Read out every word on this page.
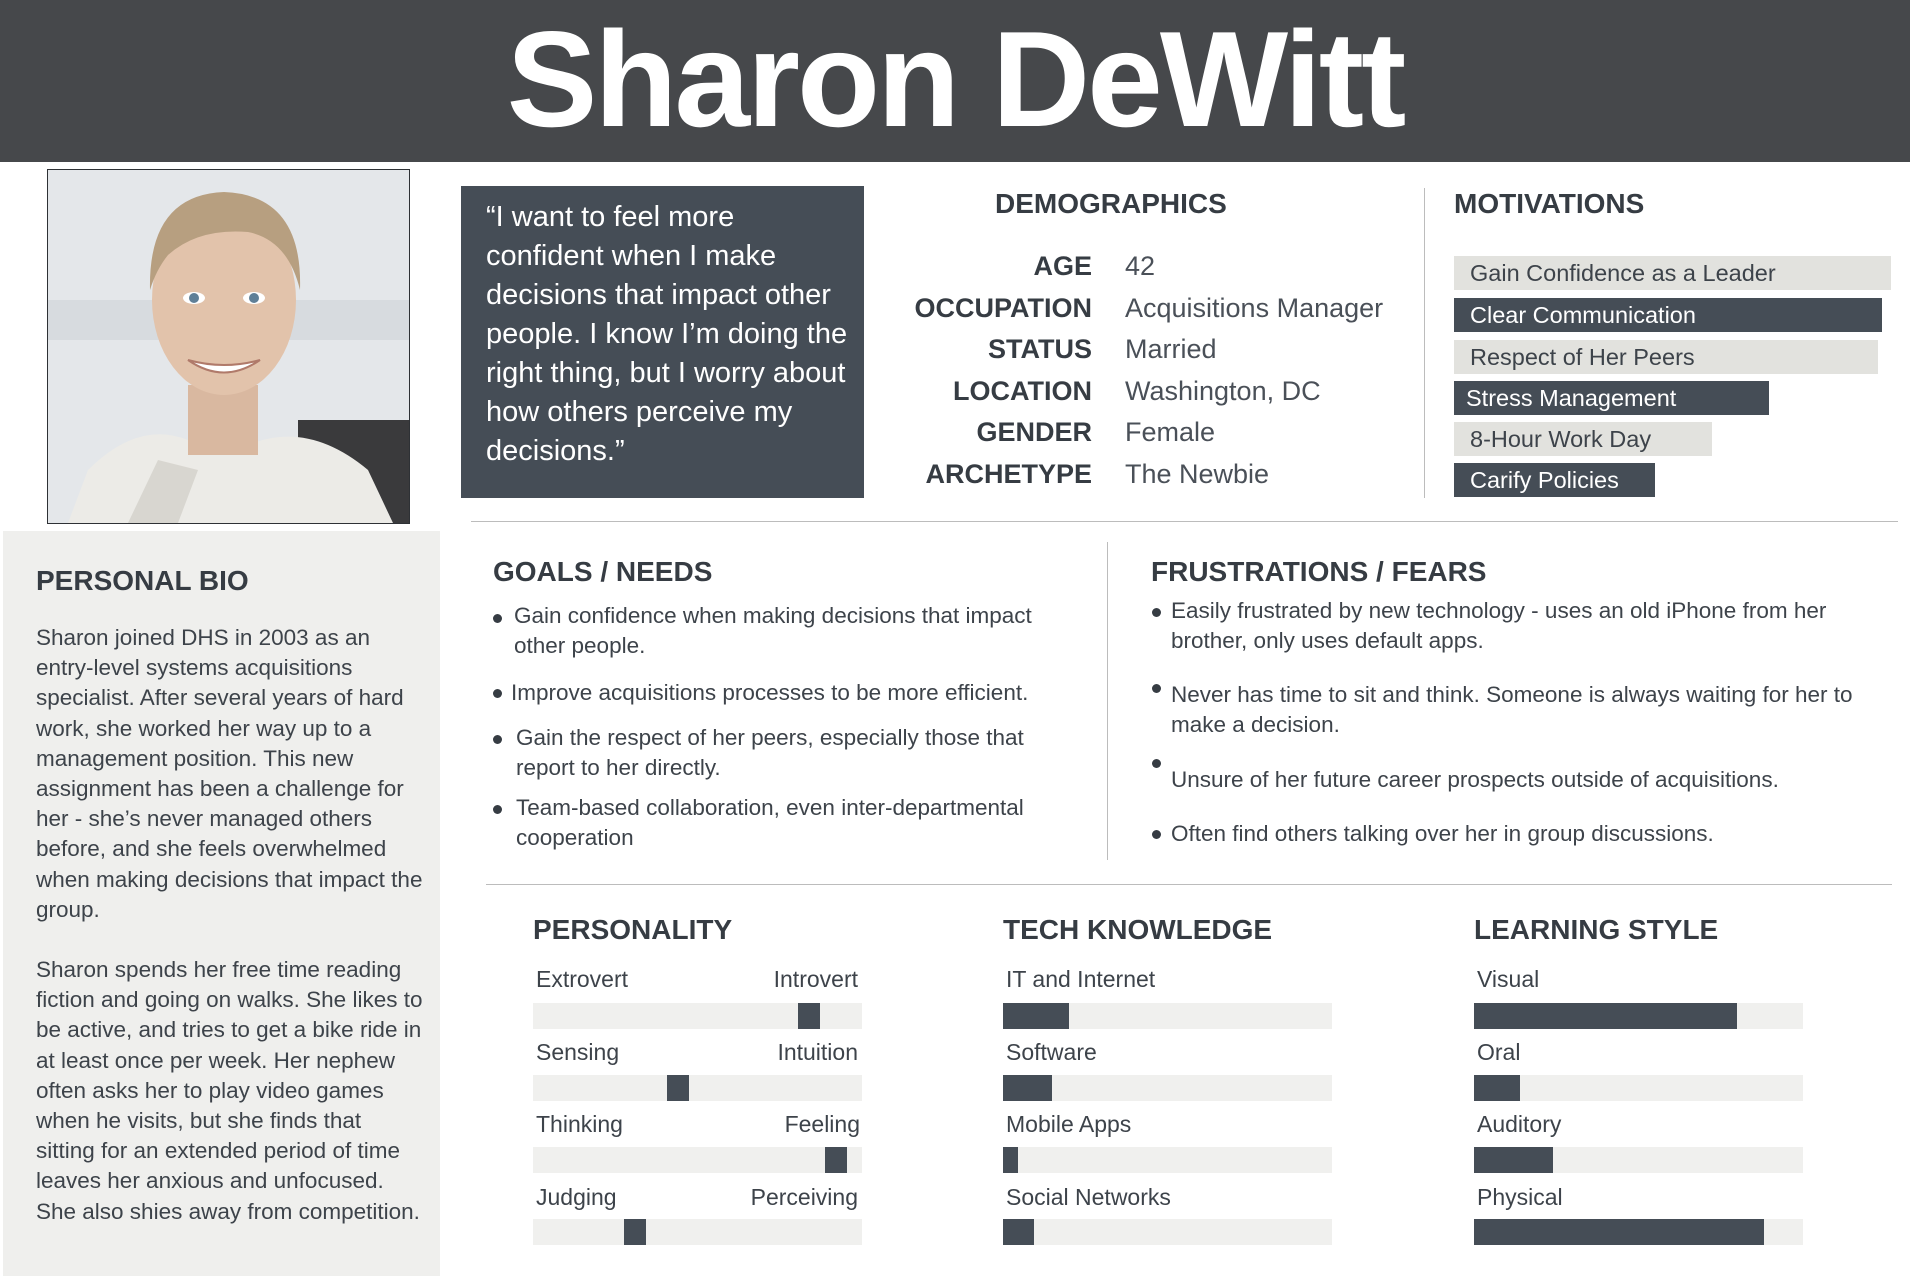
Sharon DeWitt
PERSONAL BIO

Sharon joined DHS in 2003 as an entry-level systems acquisitions specialist. After several years of hard work, she worked her way up to a management position. This new assignment has been a challenge for her - she’s never managed others before, and she feels overwhelmed when making decisions that impact the group.

Sharon spends her free time reading fiction and going on walks. She likes to be active, and tries to get a bike ride in at least once per week. Her nephew often asks her to play video games when he visits, but she finds that sitting for an extended period of time leaves her anxious and unfocused. She also shies away from competition.

“I want to feel more confident when I make decisions that impact other people. I know I’m doing the right thing, but I worry about how others perceive my decisions.”

DEMOGRAPHICS
AGE 42
OCCUPATION Acquisitions Manager
STATUS Married
LOCATION Washington, DC
GENDER Female
ARCHETYPE The Newbie
MOTIVATIONS
Gain Confidence as a Leader
Clear Communication
Respect of Her Peers
Stress Management
8-Hour Work Day
Carify Policies
GOALS / NEEDS
Gain confidence when making decisions that impact other people.
Improve acquisitions processes to be more efficient.
Gain the respect of her peers, especially those that report to her directly.
Team-based collaboration, even inter-departmental cooperation
FRUSTRATIONS / FEARS
Easily frustrated by new technology - uses an old iPhone from her brother, only uses default apps.
Never has time to sit and think. Someone is always waiting for her to make a decision.
Unsure of her future career prospects outside of acquisitions.
Often find others talking over her in group discussions.
PERSONALITY
Extrovert	Introvert
Sensing	Intuition
Thinking	Feeling
Judging	Perceiving
TECH KNOWLEDGE
IT and Internet
Software
Mobile Apps
Social Networks
LEARNING STYLE
Visual
Oral
Auditory
Physical
